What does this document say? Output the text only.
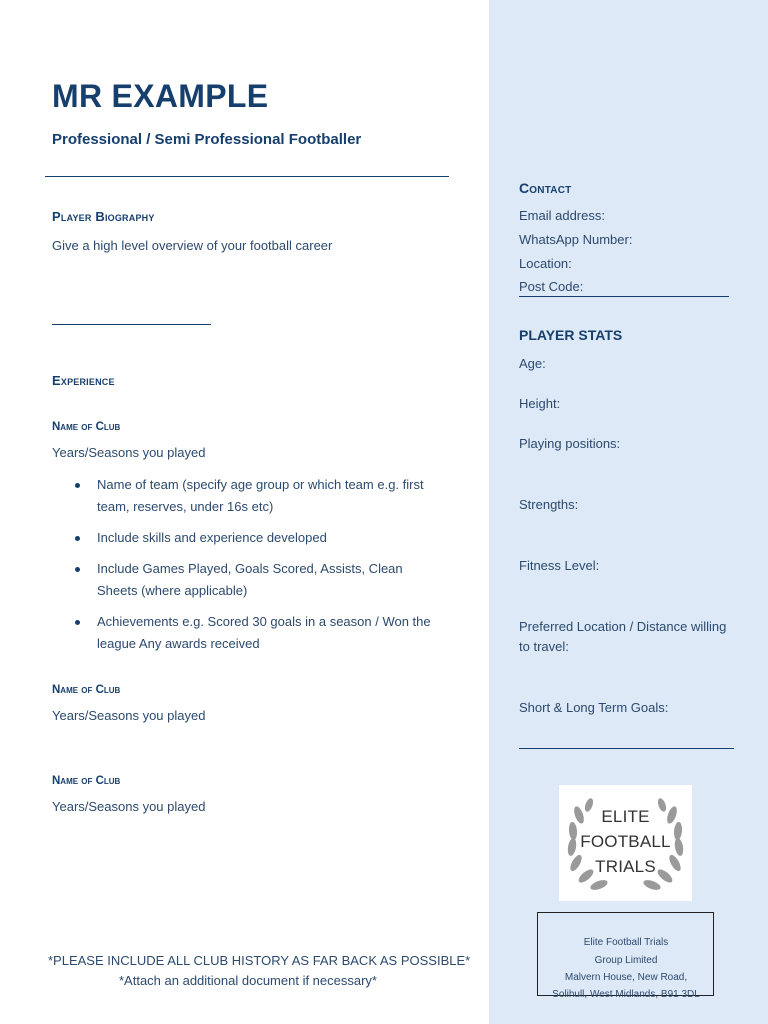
MR EXAMPLE
Professional / Semi Professional Footballer
Player Biography
Give a high level overview of your football career
Experience
Name of Club
Years/Seasons you played
Name of team (specify age group or which team e.g. first team, reserves, under 16s etc)
Include skills and experience developed
Include Games Played, Goals Scored, Assists, Clean Sheets (where applicable)
Achievements e.g. Scored 30 goals in a season / Won the league Any awards received
Name of Club
Years/Seasons you played
Name of Club
Years/Seasons you played
*PLEASE INCLUDE ALL CLUB HISTORY AS FAR BACK AS POSSIBLE*
*Attach an additional document if necessary*
Contact
Email address:
WhatsApp Number:
Location:
Post Code:
PLAYER STATS
Age:
Height:
Playing positions:
Strengths:
Fitness Level:
Preferred Location / Distance willing to travel:
Short & Long Term Goals:
ELITE
FOOTBALL
TRIALS
Elite Football Trials
Group Limited
Malvern House, New Road,
Solihull, West Midlands, B91 3DL
